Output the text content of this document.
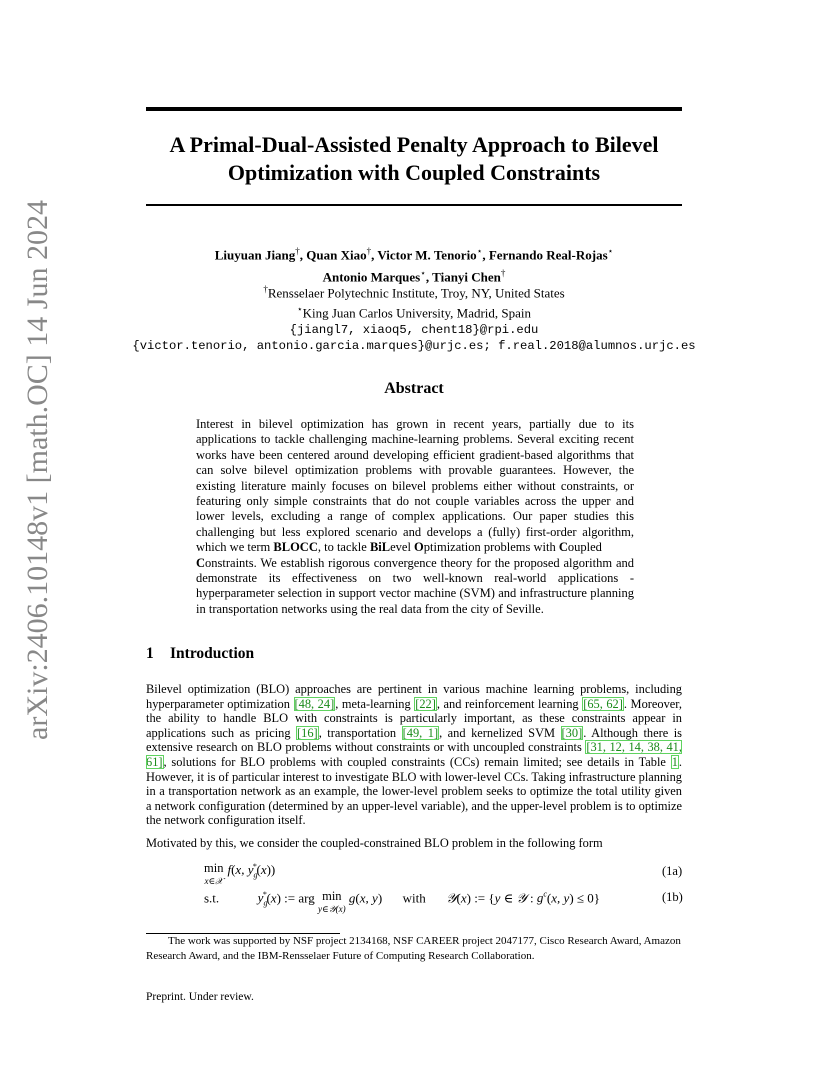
arXiv:2406.10148v1 [math.OC] 14 Jun 2024
A Primal-Dual-Assisted Penalty Approach to Bilevel
Optimization with Coupled Constraints
Liuyuan Jiang†, Quan Xiao†, Victor M. Tenorio⋆, Fernando Real-Rojas⋆
Antonio Marques⋆, Tianyi Chen†
†Rensselaer Polytechnic Institute, Troy, NY, United States
⋆King Juan Carlos University, Madrid, Spain
{jiangl7, xiaoq5, chent18}@rpi.edu
{victor.tenorio, antonio.garcia.marques}@urjc.es; f.real.2018@alumnos.urjc.es
Abstract
Interest in bilevel optimization has grown in recent years, partially due to its applications to tackle challenging machine-learning problems. Several exciting recent works have been centered around developing efficient gradient-based algorithms that can solve bilevel optimization problems with provable guarantees. However, the existing literature mainly focuses on bilevel problems either without constraints, or featuring only simple constraints that do not couple variables across the upper and lower levels, excluding a range of complex applications. Our paper studies this challenging but less explored scenario and develops a (fully) first-order algorithm, which we term BLOCC, to tackle BiLevel Optimization problems with Coupled
Constraints. We establish rigorous convergence theory for the proposed algorithm and demonstrate its effectiveness on two well-known real-world applications - hyperparameter selection in support vector machine (SVM) and infrastructure planning in transportation networks using the real data from the city of Seville.
1 Introduction
Bilevel optimization (BLO) approaches are pertinent in various machine learning problems, including hyperparameter optimization [48, 24], meta-learning [22], and reinforcement learning [65, 62]. Moreover, the ability to handle BLO with constraints is particularly important, as these constraints appear in applications such as pricing [16], transportation [49, 1], and kernelized SVM [30]. Although there is extensive research on BLO problems without constraints or with uncoupled constraints [31, 12, 14, 38, 41, 61], solutions for BLO problems with coupled constraints (CCs) remain limited; see details in Table 1. However, it is of particular interest to investigate BLO with lower-level CCs. Taking infrastructure planning in a transportation network as an example, the lower-level problem seeks to optimize the total utility given a network configuration (determined by an upper-level variable), and the upper-level problem is to optimize the network configuration itself.
Motivated by this, we consider the coupled-constrained BLO problem in the following form
min
x∈𝒳 $^{f(x, y_g^*(x))}$	(1a)
s.t.	$y_g^*(x)$ := arg min
y∈𝒴(x) g(x, y)  with 𝒴(x) := {y ∈ 𝒴 : $g^c(x$, y) ≤ 0}	(1b)
The work was supported by NSF project 2134168, NSF CAREER project 2047177, Cisco Research Award, Amazon Research Award, and the IBM-Rensselaer Future of Computing Research Collaboration.
Preprint. Under review.
